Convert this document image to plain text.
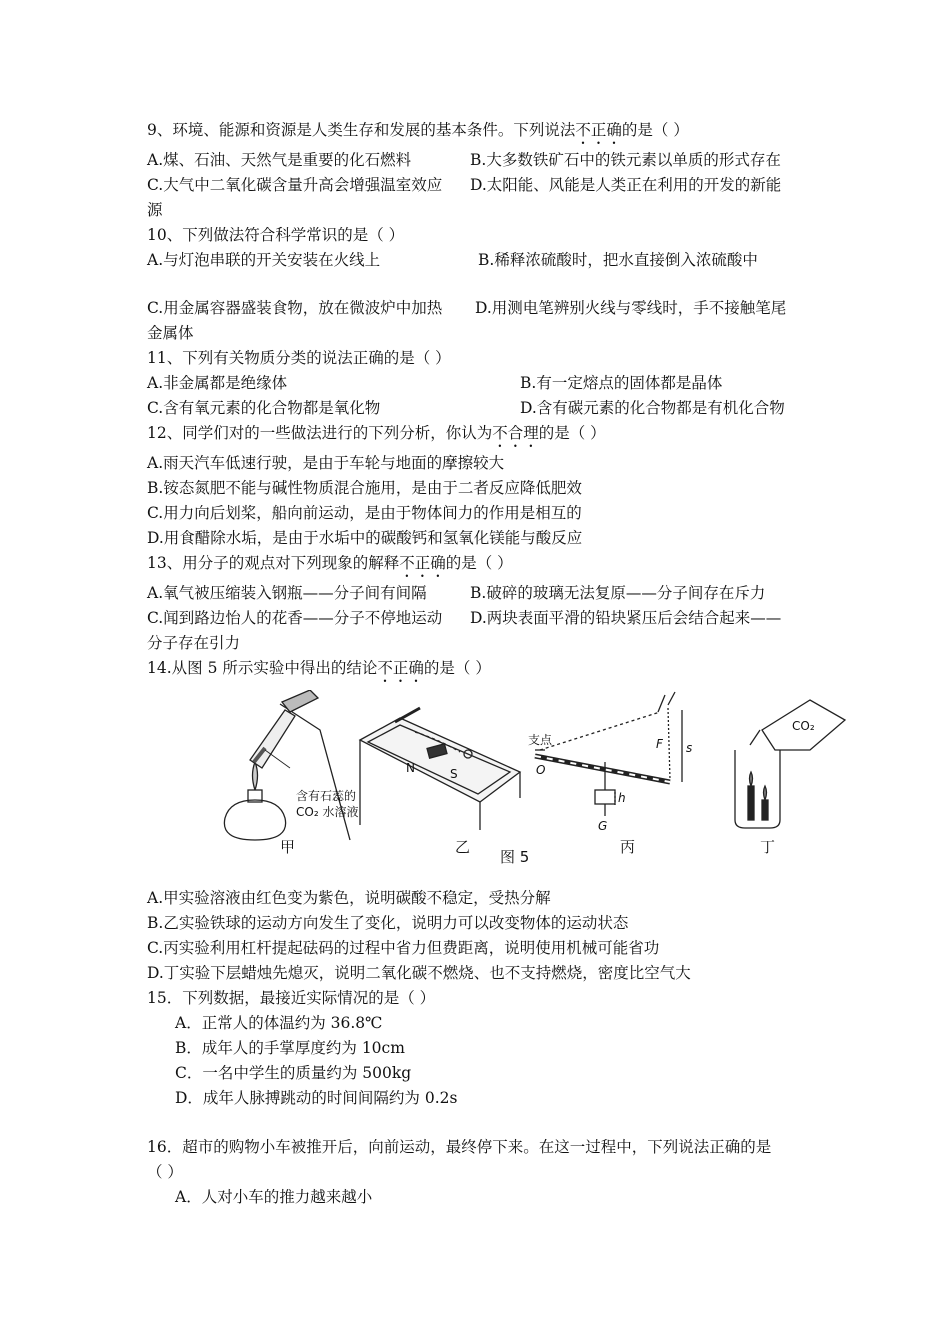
9、环境、能源和资源是人类生存和发展的基本条件。下列说法不正确的是（ ）
A.煤、石油、天然气是重要的化石燃料	B.大多数铁矿石中的铁元素以单质的形式存在
C.大气中二氧化碳含量升高会增强温室效应 D.太阳能、风能是人类正在利用的开发的新能
源
10、下列做法符合科学常识的是（ ）
A.与灯泡串联的开关安装在火线上	B.稀释浓硫酸时，把水直接倒入浓硫酸中
C.用金属容器盛装食物，放在微波炉中加热 D.用测电笔辨别火线与零线时，手不接触笔尾
金属体
11、下列有关物质分类的说法正确的是（ ）
A.非金属都是绝缘体	B.有一定熔点的固体都是晶体
C.含有氧元素的化合物都是氧化物	D.含有碳元素的化合物都是有机化合物
12、同学们对的一些做法进行的下列分析，你认为不合理的是（ ）
A.雨天汽车低速行驶，是由于车轮与地面的摩擦较大
B.铵态氮肥不能与碱性物质混合施用，是由于二者反应降低肥效
C.用力向后划桨，船向前运动，是由于物体间力的作用是相互的
D.用食醋除水垢，是由于水垢中的碳酸钙和氢氧化镁能与酸反应
13、用分子的观点对下列现象的解释不正确的是（ ）
A.氧气被压缩装入钢瓶——分子间有间隔	B.破碎的玻璃无法复原——分子间存在斥力
C.闻到路边怡人的花香——分子不停地运动 D.两块表面平滑的铅块紧压后会结合起来——
分子存在引力
14.从图 5 所示实验中得出的结论不正确的是（ ）
含有石蕊的
CO₂ 水溶液
N	S
支点
O
F s
h
G
CO₂
甲	乙
图 5
丙	丁
A.甲实验溶液由红色变为紫色，说明碳酸不稳定，受热分解
B.乙实验铁球的运动方向发生了变化，说明力可以改变物体的运动状态
C.丙实验利用杠杆提起砝码的过程中省力但费距离，说明使用机械可能省功
D.丁实验下层蜡烛先熄灭，说明二氧化碳不燃烧、也不支持燃烧，密度比空气大
15．下列数据，最接近实际情况的是（ ）
A．正常人的体温约为 36.8℃
B．成年人的手掌厚度约为 10cm
C．一名中学生的质量约为 500kg
D．成年人脉搏跳动的时间间隔约为 0.2s
16．超市的购物小车被推开后，向前运动，最终停下来。在这一过程中，下列说法正确的是
（ ）
A．人对小车的推力越来越小
